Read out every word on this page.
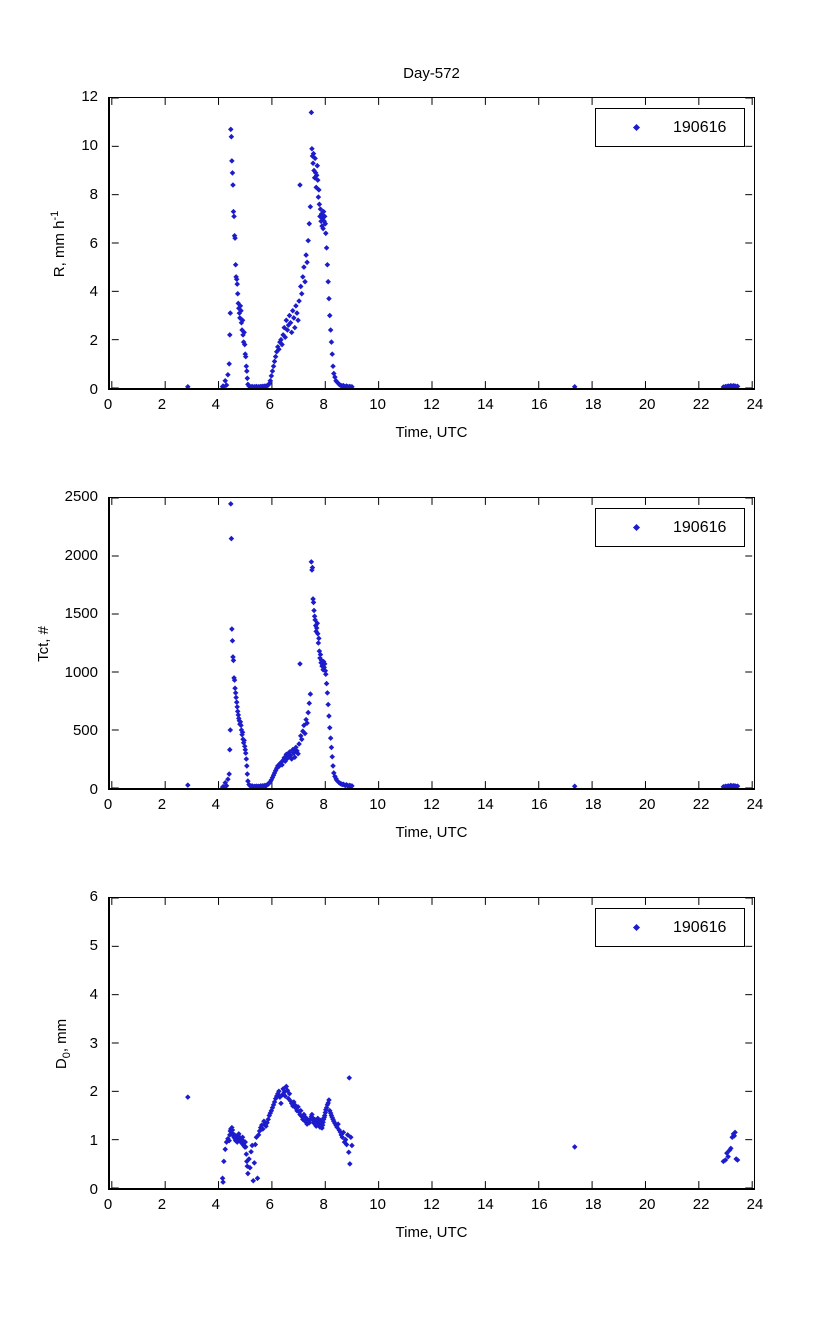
Day-572
190616
R, mm $h^{-1}$
Time, UTC
0	2	4	6	8	10	12	14	16	18	20	22	24
0
2
4
6
8
10
12
190616
Tct, #
Time, UTC
0	2	4	6	8	10	12	14	16	18	20	22	24
0
500
1000
1500
2000
2500
190616
$D_0$, mm
Time, UTC
0	2	4	6	8	10	12	14	16	18	20	22	24
0
1
2
3
4
5
6
